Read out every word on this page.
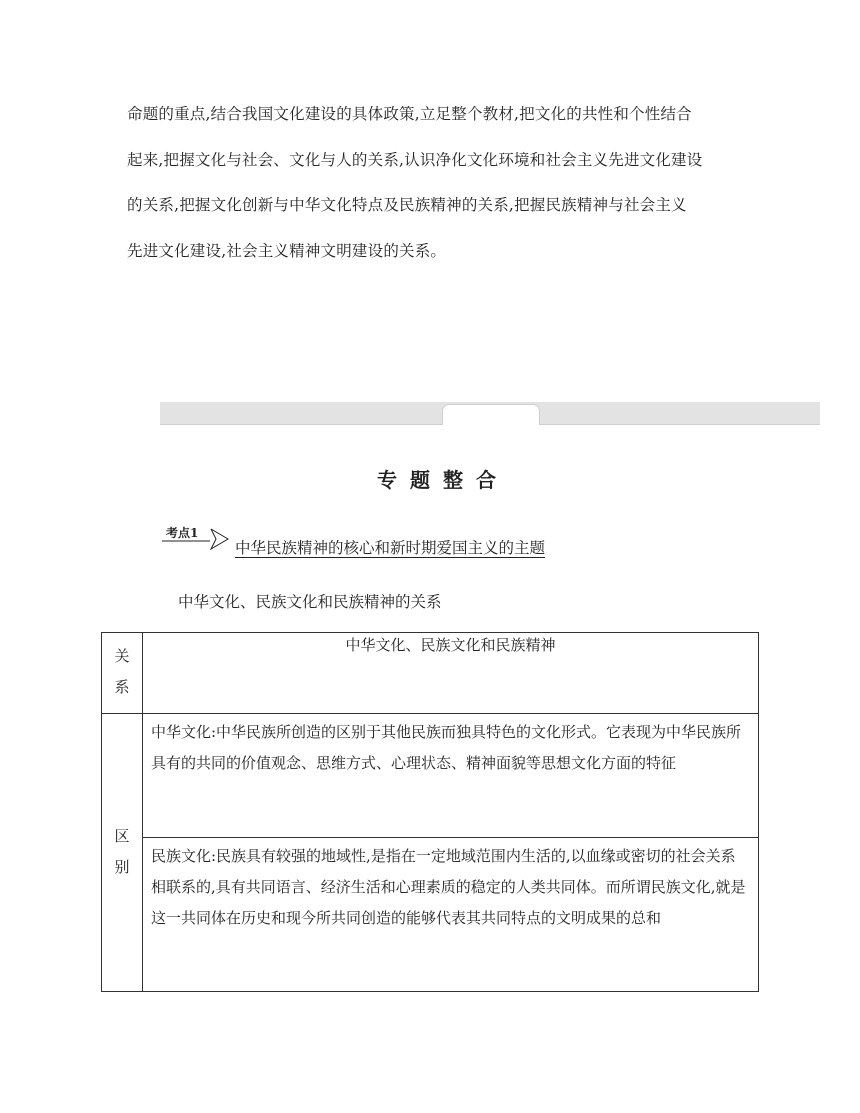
命题的重点,结合我国文化建设的具体政策,立足整个教材,把文化的共性和个性结合

起来,把握文化与社会、文化与人的关系,认识净化文化环境和社会主义先进文化建设

的关系,把握文化创新与中华文化特点及民族精神的关系,把握民族精神与社会主义

先进文化建设,社会主义精神文明建设的关系。

专题整合
考点1
中华民族精神的核心和新时期爱国主义的主题
中华文化、民族文化和民族精神的关系
关
系	中华文化、民族文化和民族精神

区
别	中华文化:中华民族所创造的区别于其他民族而独具特色的文化形式。它表现为中华民族所具有的共同的价值观念、思维方式、心理状态、精神面貌等思想文化方面的特征
	民族文化:民族具有较强的地域性,是指在一定地域范围内生活的,以血缘或密切的社会关系相联系的,具有共同语言、经济生活和心理素质的稳定的人类共同体。而所谓民族文化,就是这一共同体在历史和现今所共同创造的能够代表其共同特点的文明成果的总和
